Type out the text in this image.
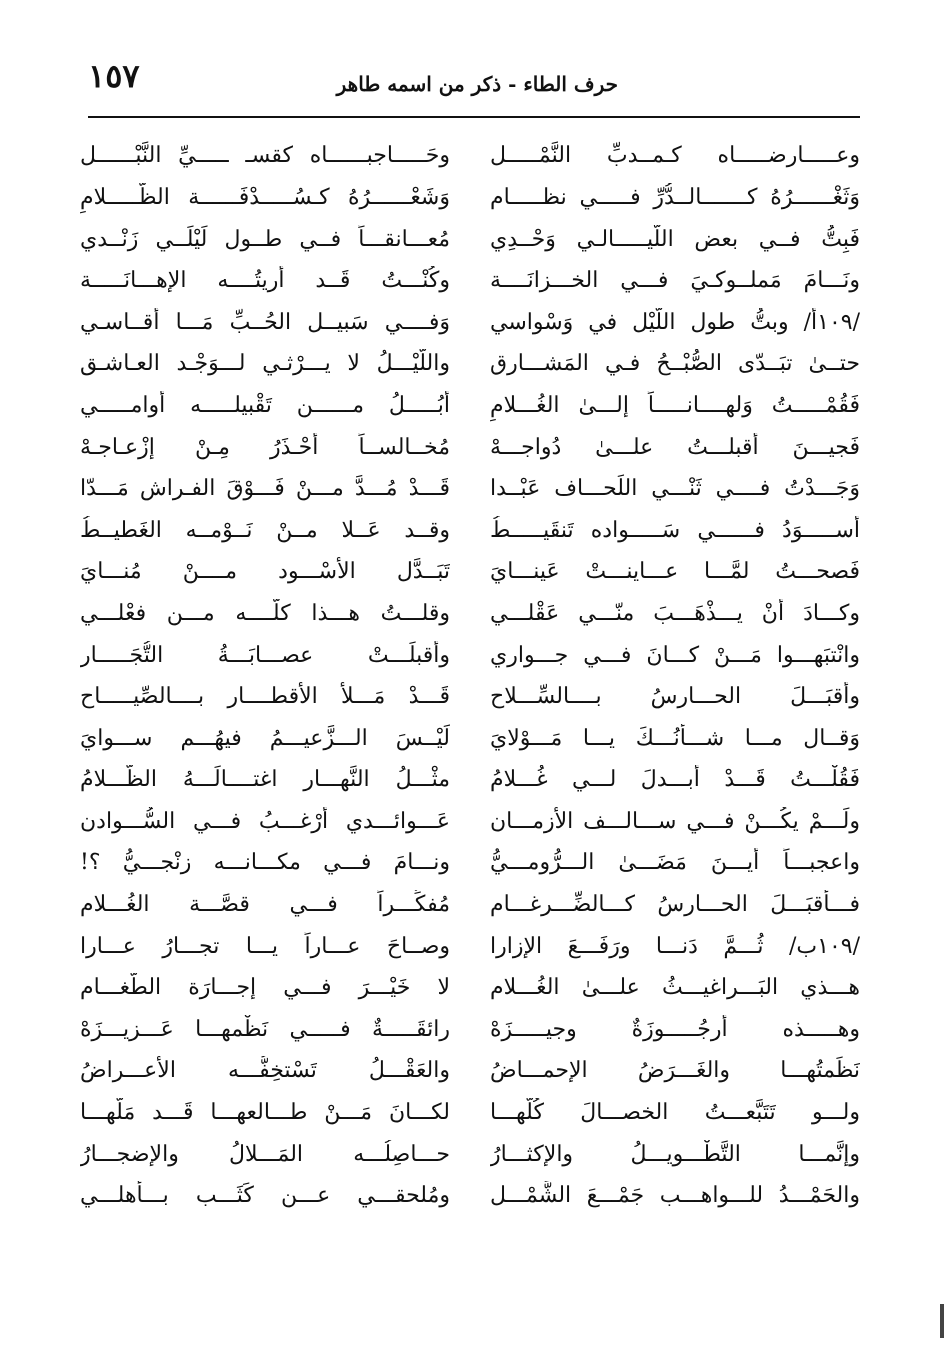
١٥٧	حرف الطاء - ذكر من اسمه طاهر
وعـــــارضـــــاه كـمــدبِّ النَّمْـــــل
وحَـــــاجبــــــاه كقسـ ـــــيِّ النَّبْــــــل
وَثَغْــــــرُهُ كـــــــالــدُّرِّ فـــــي نظـــــام
وَشَعْــــــرُهُ كـسُـــــدْفَــــــة الظَّـــــلامِ
فَبِتُّ فــي بعض اللَّيـــــالـي وَحْــدِي
مُعـــانقـــاً فــي طــول لَيْلَــي زَنْــدي
ونَـــامَ مَملــوكـيَ فـــي الخـــزانَــــة
وكُنْـــتُ قَــد أريتُــــه الإهـــانَـــــة
/١٠٩أ/ وبتُّ طول اللَّيْل في وَسْواسي
وَفــــي سَبيــل الحُــبِّ مَـــا أُقــاسـي
حتــىٰ تبَــدّى الصُّبْــحُ فـي المَشـــارق
واللَّيْـــلُ لا يـــرْثـي لـــوَجْـد العـاشـق
فَقُمْـــــتُ وَلهــــانـــــاً إلـــىٰ الغُـــلامِ
أبُـــــلُ مــــــن تَقْبيلـــــه أوامـــــي
فَجيـــنَ أقبلـــتُ علـــىٰ دُواجـــهْ
مُخــالســاً أحْـذَرُ مِـنْ إزْعـاجـهْ
وَجَـــدْتُ فــــي ثَنْـــي اللِّحـــاف عَبْــدا
قَـــدْ مُـــدَّ مـــنْ فَـــوْقَ الفـراش مَـــدّا
أســـــوَدُ فــــــي سَـــــواده تَنقَيـــــطُ
وقــد عَــلا مــنْ نَــوْمــه الغَطيــطُ
فَصحـــتُ لمَّـــا عـــاينـــتْ عَينـــايَ
تَبَــدَّل الأسْـــود مــــنْ مُنـــايَ
وكـــادَ أنْ يـــذْهَـــبَ منّـــي عَقْلـــي
وقلـــتُ هـــذا كلُّــــه مـــن فعْلـــي
وانْتبَهـــوا مَـــنْ كـــانَ فـــي جـــواري
وأقبلَـــتْ عصـــابَـــةُ التُّجَـــــار
وأقبَـــلَ الحـــارسُ بــــالسِّـــلاح
قَـــدْ مَـــلأ الأقطــــار بــــالصِّيـــــاح
وَقــال مـــا شـــأنُـــكَ يـــا مَـــوْلايَ
لَيْــسَ الـــزَّعيـــمُ فيهُـــم ســـوايَ
فَقُلْـــتُ قَـــدْ أُبـــدلَ لـــي غُـــلامُ
مثْـــلُ النَّهـــار اغتــــالَـــهُ الظَّـــلامُ
ولَـــمْ يكُـــنْ فـــي ســـالـــف الأزمـــان
عَـــوائـــدي أرْغـــبُ فـــي السُّـــوادن
واعجبـــاً أيـــنَ مَضَـــىٰ الـــرُّومـــيُّ
ونـــامَ فـــي مكـــانـــه زنْجـــيُّ ؟!
فـــأقبَـــلَ الحـــارسُ كـــالضِّـــرغـــام
مُفكِّـــراً فـــي قصَّـــة الغُـــلام
/١٠٩ب/ ثُـــمَّ دَنـــا ورَفَـــعَ الإزارا
وصــاحَ عـــاراً يـــا تجـــارُ عـــارا
هـــذي البَـــراغيـــثُ علـــىٰ الغُـــلام
لا خَيْـــرَ فـــي إجـــارَة الطَّغـــام
وهـــــذه أرجُـــــوزَةٌ وجيـــــزَهْ
رائقَـــــةٌ فـــــي نَظْمهـــا عَـــزيـــزَهْ
نَظَمتُهـــا والغَـــرَضُ الإحمـــاضُ
والعَقْـــلُ تَسْتخِفُّـــه الأعـــراضُ
ولـــو تَتَبَّعـــتُ الخصـــالَ كُلَّهـــا
لكـــانَ مَـــنْ طـــالعهـــا قَـــد مَلَّهـــا
وإنَّمـــا التَّطْـــويـــلُ والإكثـــارُ
حـــاصِلُـــه المَـــلالُ والإضجـــارُ
والحَمْـــدُ للـــواهـــب جَمْـــعَ الشَّمْـــل
ومُلحقـــي عـــن كَثَـــب بـــأهلـــي
